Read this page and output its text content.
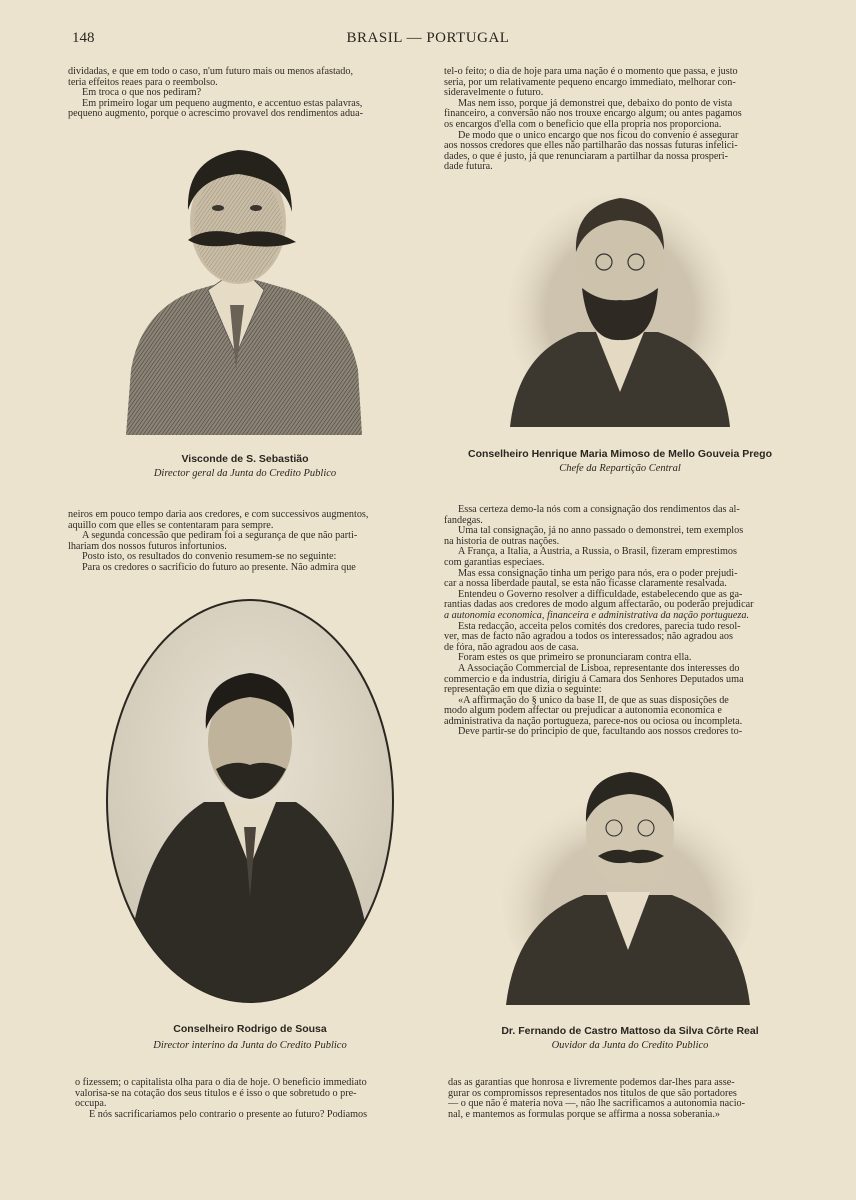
148	BRASIL — PORTUGAL
dividadas, e que em todo o caso, n'um futuro mais ou menos afastado,
teria effeitos reaes para o reembolso.
Em troca o que nos pediram?
Em primeiro logar um pequeno augmento, e accentuo estas palavras,
pequeno augmento, porque o acrescimo provavel dos rendimentos adua-
tel-o feito; o dia de hoje para uma nação é o momento que passa, e justo
seria, por um relativamente pequeno encargo immediato, melhorar con-
sideravelmente o futuro.
Mas nem isso, porque já demonstrei que, debaixo do ponto de vista
financeiro, a conversão não nos trouxe encargo algum; ou antes pagamos
os encargos d'ella com o beneficio que ella propria nos proporciona.
De modo que o unico encargo que nos ficou do convenio é assegurar
aos nossos credores que elles não partilharão das nossas futuras infelici-
dades, o que é justo, já que renunciaram a partilhar da nossa prosperi-
dade futura.
Visconde de S. Sebastião
Director geral da Junta do Credito Publico
Conselheiro Henrique Maria Mimoso de Mello Gouveia Prego
Chefe da Repartição Central
neiros em pouco tempo daria aos credores, e com successivos augmentos,
aquillo com que elles se contentaram para sempre.
A segunda concessão que pediram foi a segurança de que não parti-
lhariam dos nossos futuros infortunios.
Posto isto, os resultados do convenio resumem-se no seguinte:
Para os credores o sacrificio do futuro ao presente. Não admira que
Essa certeza demo-la nós com a consignação dos rendimentos das al-
fandegas.
Uma tal consignação, já no anno passado o demonstrei, tem exemplos
na historia de outras nações.
A França, a Italia, a Austria, a Russia, o Brasil, fizeram emprestimos
com garantias especiaes.
Mas essa consignação tinha um perigo para nós, era o poder prejudi-
car a nossa liberdade pautal, se esta não ficasse claramente resalvada.
Entendeu o Governo resolver a difficuldade, estabelecendo que as ga-
rantias dadas aos credores de modo algum affectarão, ou poderão prejudicar
a autonomia economica, financeira e administrativa da nação portugueza.
Esta redacção, acceita pelos comités dos credores, parecia tudo resol-
ver, mas de facto não agradou a todos os interessados; não agradou aos
de fóra, não agradou aos de casa.
Foram estes os que primeiro se pronunciaram contra ella.
A Associação Commercial de Lisboa, representante dos interesses do
commercio e da industria, dirigiu á Camara dos Senhores Deputados uma
representação em que dizia o seguinte:
«A affirmação do § unico da base II, de que as suas disposições de
modo algum podem affectar ou prejudicar a autonomia economica e
administrativa da nação portugueza, parece-nos ou ociosa ou incompleta.
Deve partir-se do principio de que, facultando aos nossos credores to-
Conselheiro Rodrigo de Sousa
Director interino da Junta do Credito Publico
Dr. Fernando de Castro Mattoso da Silva Côrte Real
Ouvidor da Junta do Credito Publico
o fizessem; o capitalista olha para o dia de hoje. O beneficio immediato
valorisa-se na cotação dos seus titulos e é isso o que sobretudo o pre-
occupa.
E nós sacrificariamos pelo contrario o presente ao futuro? Podiamos
das as garantias que honrosa e livremente podemos dar-lhes para asse-
gurar os compromissos representados nos titulos de que são portadores
— o que não é materia nova —, não lhe sacrificamos a autonomia nacio-
nal, e mantemos as formulas porque se affirma a nossa soberania.»
